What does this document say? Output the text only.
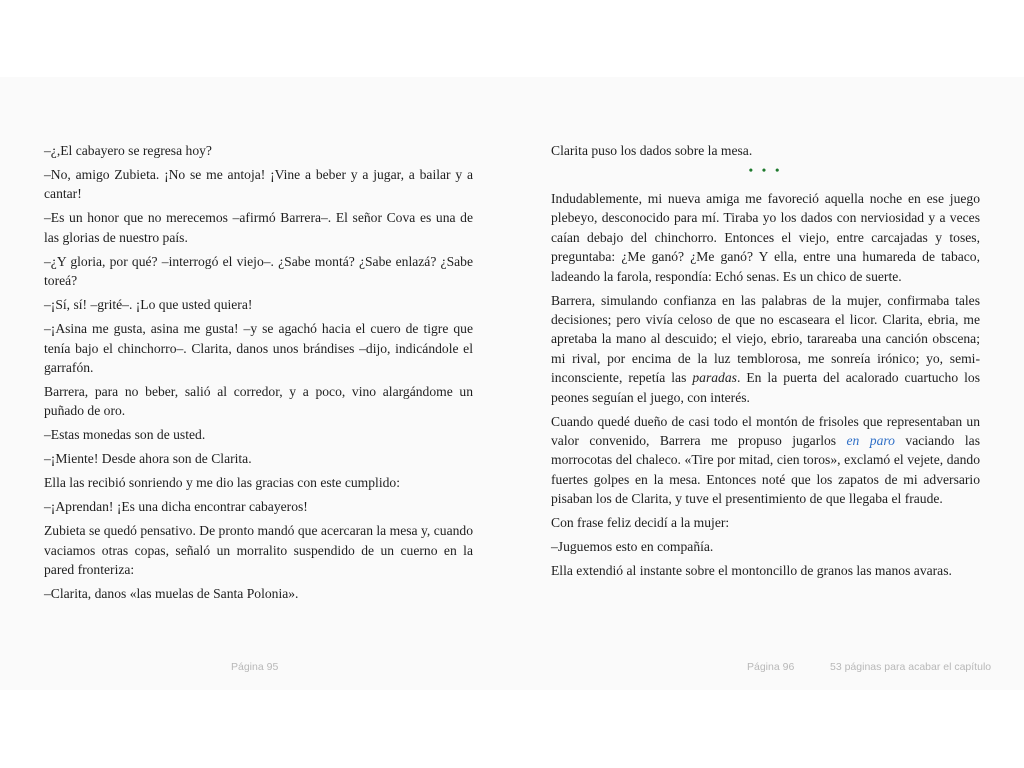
–¿,El cabayero se regresa hoy?

–No, amigo Zubieta. ¡No se me antoja! ¡Vine a beber y a jugar, a bailar y a cantar!

–Es un honor que no merecemos –afirmó Barrera–. El señor Cova es una de las glorias de nuestro país.

–¿Y gloria, por qué? –interrogó el viejo–. ¿Sabe montá? ¿Sabe enlazá? ¿Sabe toreá?

–¡Sí, sí! –grité–. ¡Lo que usted quiera!

–¡Asina me gusta, asina me gusta! –y se agachó hacia el cuero de tigre que tenía bajo el chinchorro–. Clarita, danos unos brándises –dijo, indicándole el garrafón.

Barrera, para no beber, salió al corredor, y a poco, vino alargándome un puñado de oro.

–Estas monedas son de usted.

–¡Miente! Desde ahora son de Clarita.

Ella las recibió sonriendo y me dio las gracias con este cumplido:

–¡Aprendan! ¡Es una dicha encontrar cabayeros!

Zubieta se quedó pensativo. De pronto mandó que acercaran la mesa y, cuando vaciamos otras copas, señaló un morralito suspendido de un cuerno en la pared fronteriza:

–Clarita, danos «las muelas de Santa Polonia».

Clarita puso los dados sobre la mesa.

• • •

Indudablemente, mi nueva amiga me favoreció aquella noche en ese juego plebeyo, desconocido para mí. Tiraba yo los dados con nerviosidad y a veces caían debajo del chinchorro. Entonces el viejo, entre carcajadas y toses, preguntaba: ¿Me ganó? ¿Me ganó? Y ella, entre una humareda de tabaco, ladeando la farola, respondía: Echó senas. Es un chico de suerte.

Barrera, simulando confianza en las palabras de la mujer, confirmaba tales decisiones; pero vivía celoso de que no escaseara el licor. Clarita, ebria, me apretaba la mano al descuido; el viejo, ebrio, tarareaba una canción obscena; mi rival, por encima de la luz temblorosa, me sonreía irónico; yo, semiinconsciente, repetía las paradas. En la puerta del acalorado cuartucho los peones seguían el juego, con interés.

Cuando quedé dueño de casi todo el montón de frisoles que representaban un valor convenido, Barrera me propuso jugarlos en paro vaciando las morrocotas del chaleco. «Tire por mitad, cien toros», exclamó el vejete, dando fuertes golpes en la mesa. Entonces noté que los zapatos de mi adversario pisaban los de Clarita, y tuve el presentimiento de que llegaba el fraude.

Con frase feliz decidí a la mujer:

–Juguemos esto en compañía.

Ella extendió al instante sobre el montoncillo de granos las manos avaras.

Página 95	Página 96	53 páginas para acabar el capítulo
